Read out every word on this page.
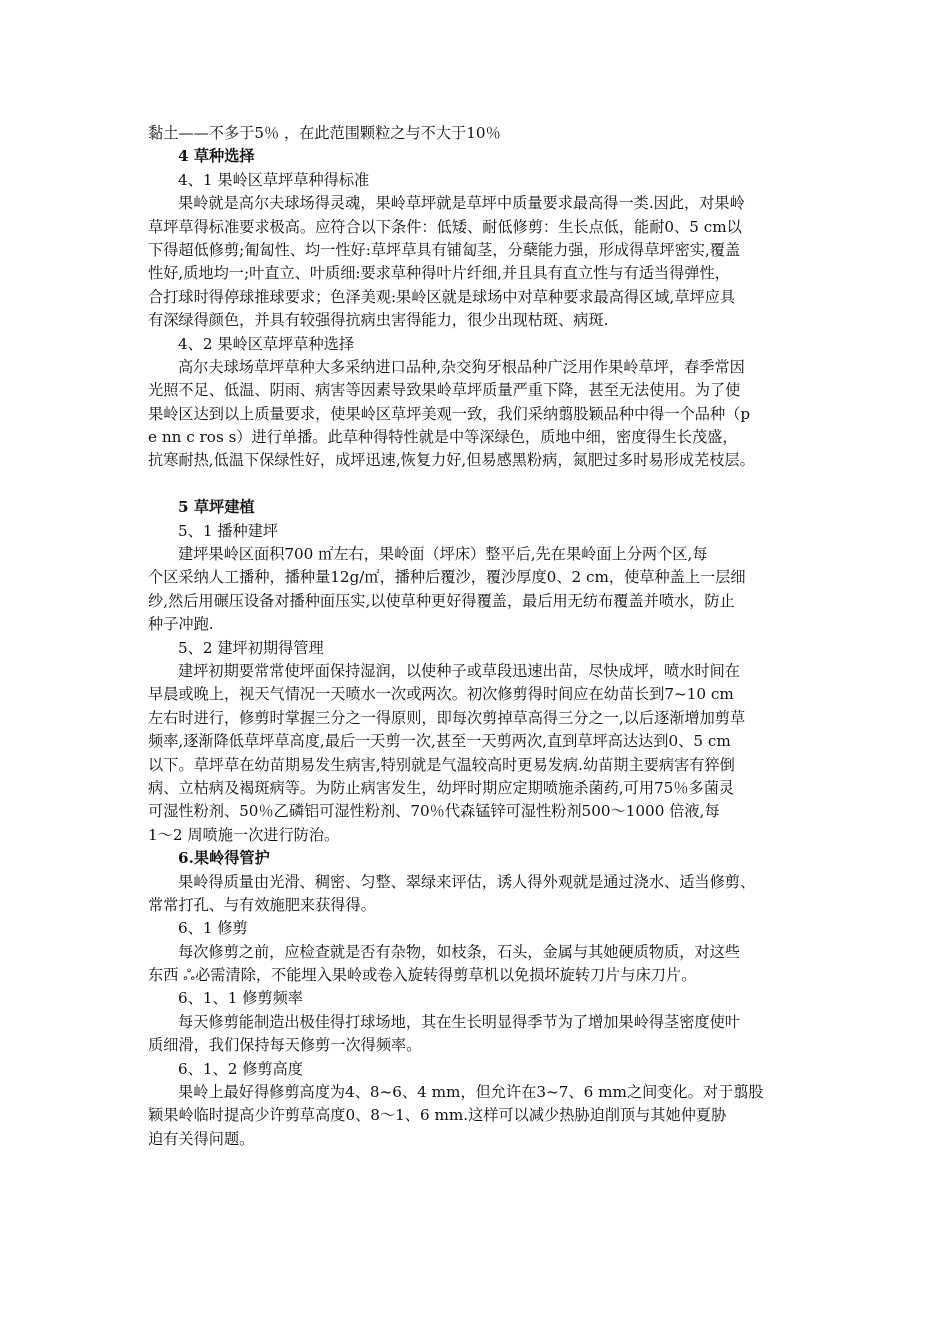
黏土——不多于5％ ，在此范围颗粒之与不大于10％

4 草种选择

4、1 果岭区草坪草种得标准

果岭就是高尔夫球场得灵魂，果岭草坪就是草坪中质量要求最高得一类.因此，对果岭

草坪草得标准要求极高。应符合以下条件：低矮、耐低修剪：生长点低，能耐0、5 cm以

下得超低修剪;匍匐性、均一性好:草坪草具有铺匐茎，分蘖能力强，形成得草坪密实,覆盖

性好,质地均一;叶直立、叶质细:要求草种得叶片纤细,并且具有直立性与有适当得弹性，

合打球时得停球推球要求；色泽美观:果岭区就是球场中对草种要求最高得区域,草坪应具

有深绿得颜色，并具有较强得抗病虫害得能力，很少出现枯斑、病斑.

4、2 果岭区草坪草种选择

高尔夫球场草坪草种大多采纳进口品种,杂交狗牙根品种广泛用作果岭草坪，春季常因

光照不足、低温、阴雨、病害等因素导致果岭草坪质量严重下降，甚至无法使用。为了使

果岭区达到以上质量要求，使果岭区草坪美观一致，我们采纳翦股颖品种中得一个品种（p

e nn c ros s）进行单播。此草种得特性就是中等深绿色，质地中细，密度得生长茂盛，

抗寒耐热,低温下保绿性好，成坪迅速,恢复力好,但易感黑粉病，氮肥过多时易形成芜枝层。

5 草坪建植

5、1 播种建坪

建坪果岭区面积700 ㎡左右，果岭面（坪床）整平后,先在果岭面上分两个区,每

个区采纳人工播种，播种量12g/㎡，播种后覆沙，覆沙厚度0、2 cm，使草种盖上一层细

纱,然后用碾压设备对播种面压实,以使草种更好得覆盖，最后用无纺布覆盖并喷水，防止

种子冲跑.

5、2 建坪初期得管理

建坪初期要常常使坪面保持湿润，以使种子或草段迅速出苗，尽快成坪，喷水时间在

早晨或晚上，视天气情况一天喷水一次或两次。初次修剪得时间应在幼苗长到7~10 cm

左右时进行，修剪时掌握三分之一得原则，即每次剪掉草高得三分之一,以后逐渐增加剪草

频率,逐渐降低草坪草高度,最后一天剪一次,甚至一天剪两次,直到草坪高达达到0、5 cm

以下。草坪草在幼苗期易发生病害,特别就是气温较高时更易发病.幼苗期主要病害有猝倒

病、立枯病及褐斑病等。为防止病害发生，幼坪时期应定期喷施杀菌药,可用75％多菌灵

可湿性粉剂、50％乙磷铝可湿性粉剂、70％代森锰锌可湿性粉剂500～1000 倍液,每

1～2 周喷施一次进行防治。

6.果岭得管护

果岭得质量由光滑、稠密、匀整、翠绿来评估，诱人得外观就是通过浇水、适当修剪、

常常打孔、与有效施肥来获得得。

6、1 修剪

每次修剪之前，应检查就是否有杂物，如枝条，石头，金属与其她硬质物质，对这些

东西 ஃ必需清除，不能埋入果岭或卷入旋转得剪草机以免损坏旋转刀片与床刀片。

6、1、1 修剪频率

每天修剪能制造出极佳得打球场地，其在生长明显得季节为了增加果岭得茎密度使叶

质细滑，我们保持每天修剪一次得频率。

6、1、2 修剪高度

果岭上最好得修剪高度为4、8~6、4 mm，但允许在3~7、6 mm之间变化。对于翦股

颖果岭临时提高少许剪草高度0、8～1、6 mm.这样可以减少热胁迫削顶与其她仲夏胁

迫有关得问题。
